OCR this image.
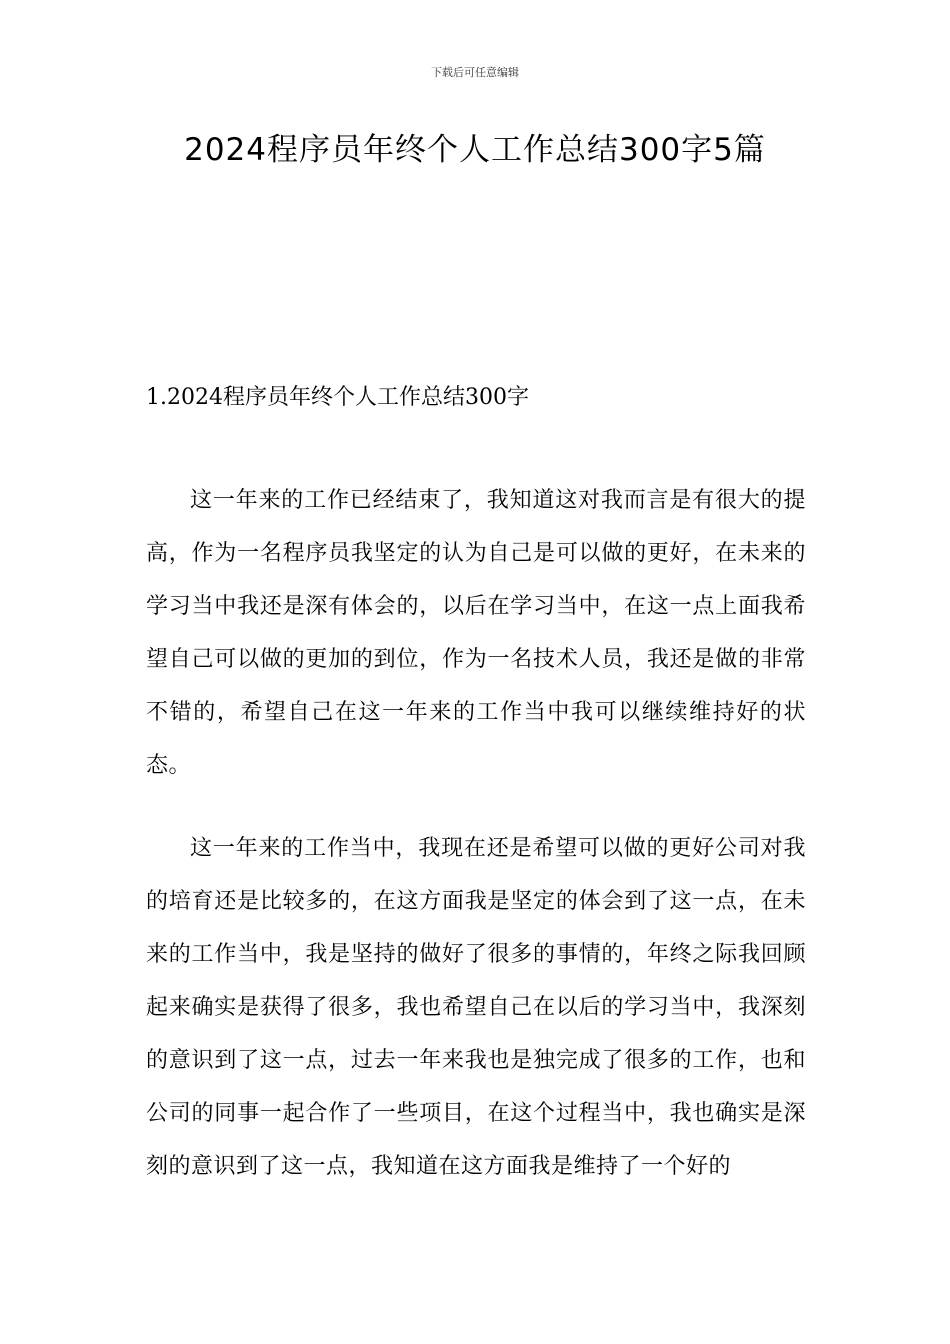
下载后可任意编辑
2024程序员年终个人工作总结300字5篇
1.2024程序员年终个人工作总结300字

这一年来的工作已经结束了，我知道这对我而言是有很大的提高，作为一名程序员我坚定的认为自己是可以做的更好，在未来的学习当中我还是深有体会的，以后在学习当中，在这一点上面我希望自己可以做的更加的到位，作为一名技术人员，我还是做的非常不错的，希望自己在这一年来的工作当中我可以继续维持好的状态。

这一年来的工作当中，我现在还是希望可以做的更好公司对我的培育还是比较多的，在这方面我是坚定的体会到了这一点，在未来的工作当中，我是坚持的做好了很多的事情的，年终之际我回顾起来确实是获得了很多，我也希望自己在以后的学习当中，我深刻的意识到了这一点，过去一年来我也是独完成了很多的工作，也和公司的同事一起合作了一些项目，在这个过程当中，我也确实是深刻的意识到了这一点，我知道在这方面我是维持了一个好的
